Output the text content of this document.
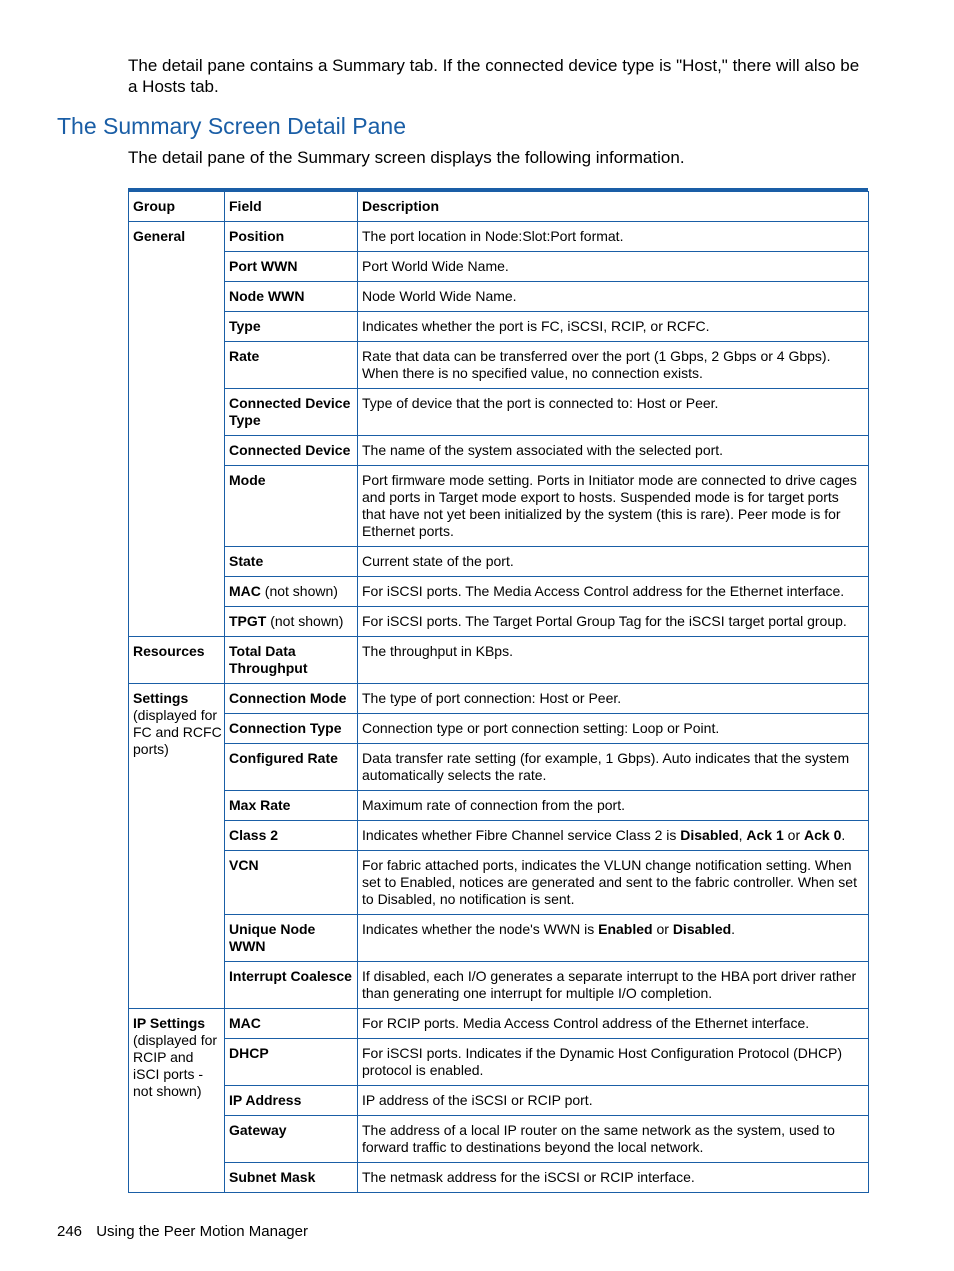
The detail pane contains a Summary tab. If the connected device type is "Host," there will also be a Hosts tab.

The Summary Screen Detail Pane

The detail pane of the Summary screen displays the following information.

Group	Field	Description
General	Position	The port location in Node:Slot:Port format.
	Port WWN	Port World Wide Name.
	Node WWN	Node World Wide Name.
	Type	Indicates whether the port is FC, iSCSI, RCIP, or RCFC.
	Rate	Rate that data can be transferred over the port (1 Gbps, 2 Gbps or 4 Gbps). When there is no specified value, no connection exists.
	Connected Device Type	Type of device that the port is connected to: Host or Peer.
	Connected Device	The name of the system associated with the selected port.
	Mode	Port firmware mode setting. Ports in Initiator mode are connected to drive cages and ports in Target mode export to hosts. Suspended mode is for target ports that have not yet been initialized by the system (this is rare). Peer mode is for Ethernet ports.
	State	Current state of the port.
	MAC (not shown)	For iSCSI ports. The Media Access Control address for the Ethernet interface.
	TPGT (not shown)	For iSCSI ports. The Target Portal Group Tag for the iSCSI target portal group.
Resources	Total Data Throughput	The throughput in KBps.
Settings (displayed for FC and RCFC ports)	Connection Mode	The type of port connection: Host or Peer.
	Connection Type	Connection type or port connection setting: Loop or Point.
	Configured Rate	Data transfer rate setting (for example, 1 Gbps). Auto indicates that the system automatically selects the rate.
	Max Rate	Maximum rate of connection from the port.
	Class 2	Indicates whether Fibre Channel service Class 2 is Disabled, Ack 1 or Ack 0.
	VCN	For fabric attached ports, indicates the VLUN change notification setting. When set to Enabled, notices are generated and sent to the fabric controller. When set to Disabled, no notification is sent.
	Unique Node WWN	Indicates whether the node's WWN is Enabled or Disabled.
	Interrupt Coalesce	If disabled, each I/O generates a separate interrupt to the HBA port driver rather than generating one interrupt for multiple I/O completion.
IP Settings (displayed for RCIP and iSCI ports - not shown)	MAC	For RCIP ports. Media Access Control address of the Ethernet interface.
	DHCP	For iSCSI ports. Indicates if the Dynamic Host Configuration Protocol (DHCP) protocol is enabled.
	IP Address	IP address of the iSCSI or RCIP port.
	Gateway	The address of a local IP router on the same network as the system, used to forward traffic to destinations beyond the local network.
	Subnet Mask	The netmask address for the iSCSI or RCIP interface.

246 Using the Peer Motion Manager
